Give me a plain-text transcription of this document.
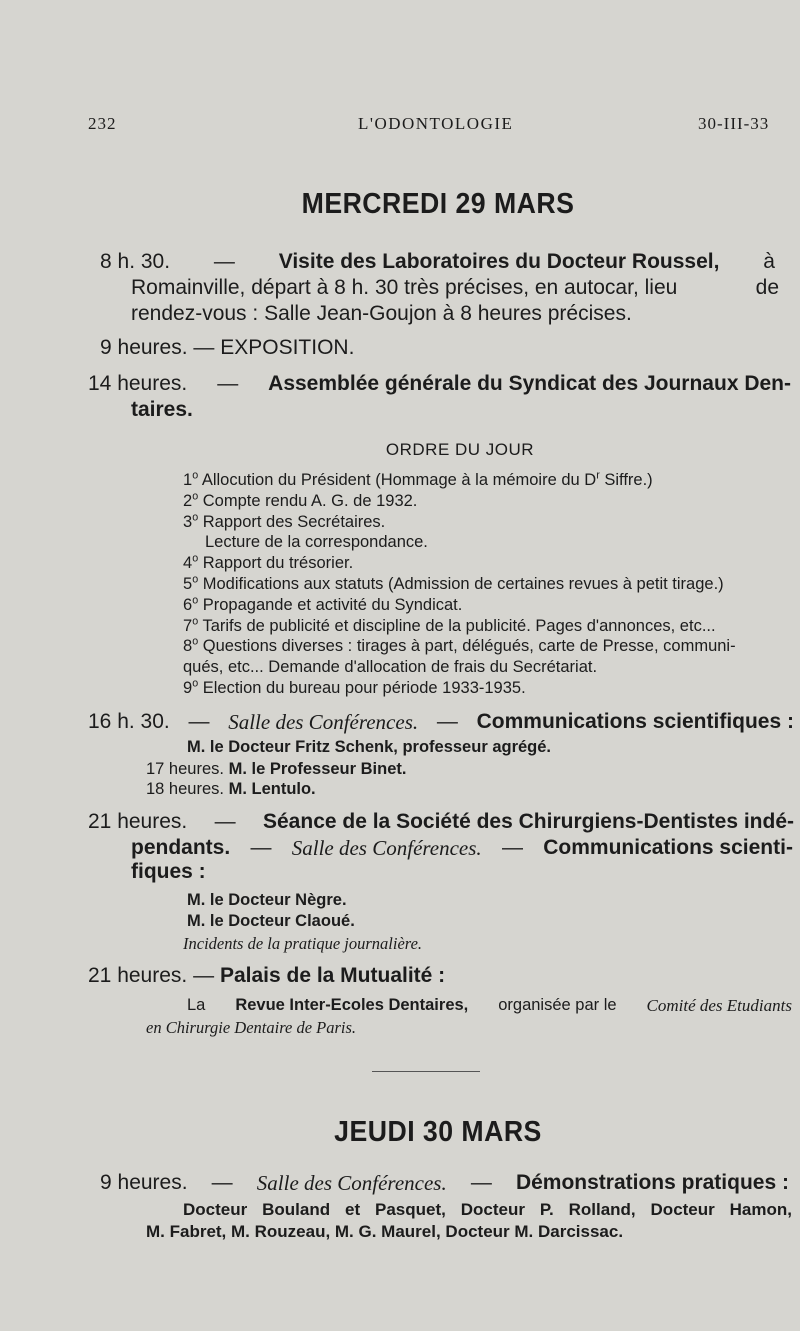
232	L'ODONTOLOGIE	30-III-33
MERCREDI 29 MARS
8 h. 30. — Visite des Laboratoires du Docteur Roussel, à
Romainville, départ à 8 h. 30 très précises, en autocar, lieu	de
rendez-vous : Salle Jean-Goujon à 8 heures précises.
9 heures. — EXPOSITION.
14 heures. — Assemblée générale du Syndicat des Journaux Den-
taires.
ORDRE DU JOUR
1$^o$ Allocution du Président (Hommage à la mémoire du $D^r$ Siffre.)
2$^o$ Compte rendu A. G. de 1932.
3$^o$ Rapport des Secrétaires.
Lecture de la correspondance.
4$^o$ Rapport du trésorier.
5$^o$ Modifications aux statuts (Admission de certaines revues à petit tirage.)
6$^o$ Propagande et activité du Syndicat.
7$^o$ Tarifs de publicité et discipline de la publicité. Pages d'annonces, etc...
8$^o$ Questions diverses : tirages à part, délégués, carte de Presse, communi-
qués, etc... Demande d'allocation de frais du Secrétariat.
9$^o$ Election du bureau pour période 1933-1935.
16 h. 30. — Salle des Conférences. — Communications scientifiques :
M. le Docteur Fritz Schenk, professeur agrégé.
17 heures. M. le Professeur Binet.
18 heures. M. Lentulo.
21 heures. — Séance de la Société des Chirurgiens-Dentistes indé-
pendants. — Salle des Conférences. — Communications scienti-
fiques :
M. le Docteur Nègre.
M. le Docteur Claoué.
Incidents de la pratique journalière.
21 heures. — Palais de la Mutualité :
La Revue Inter-Ecoles Dentaires, organisée par le Comité des Etudiants
en Chirurgie Dentaire de Paris.
JEUDI 30 MARS
9 heures. — Salle des Conférences. — Démonstrations pratiques :
Docteur Bouland et Pasquet, Docteur P. Rolland, Docteur Hamon,
M. Fabret, M. Rouzeau, M. G. Maurel, Docteur M. Darcissac.
